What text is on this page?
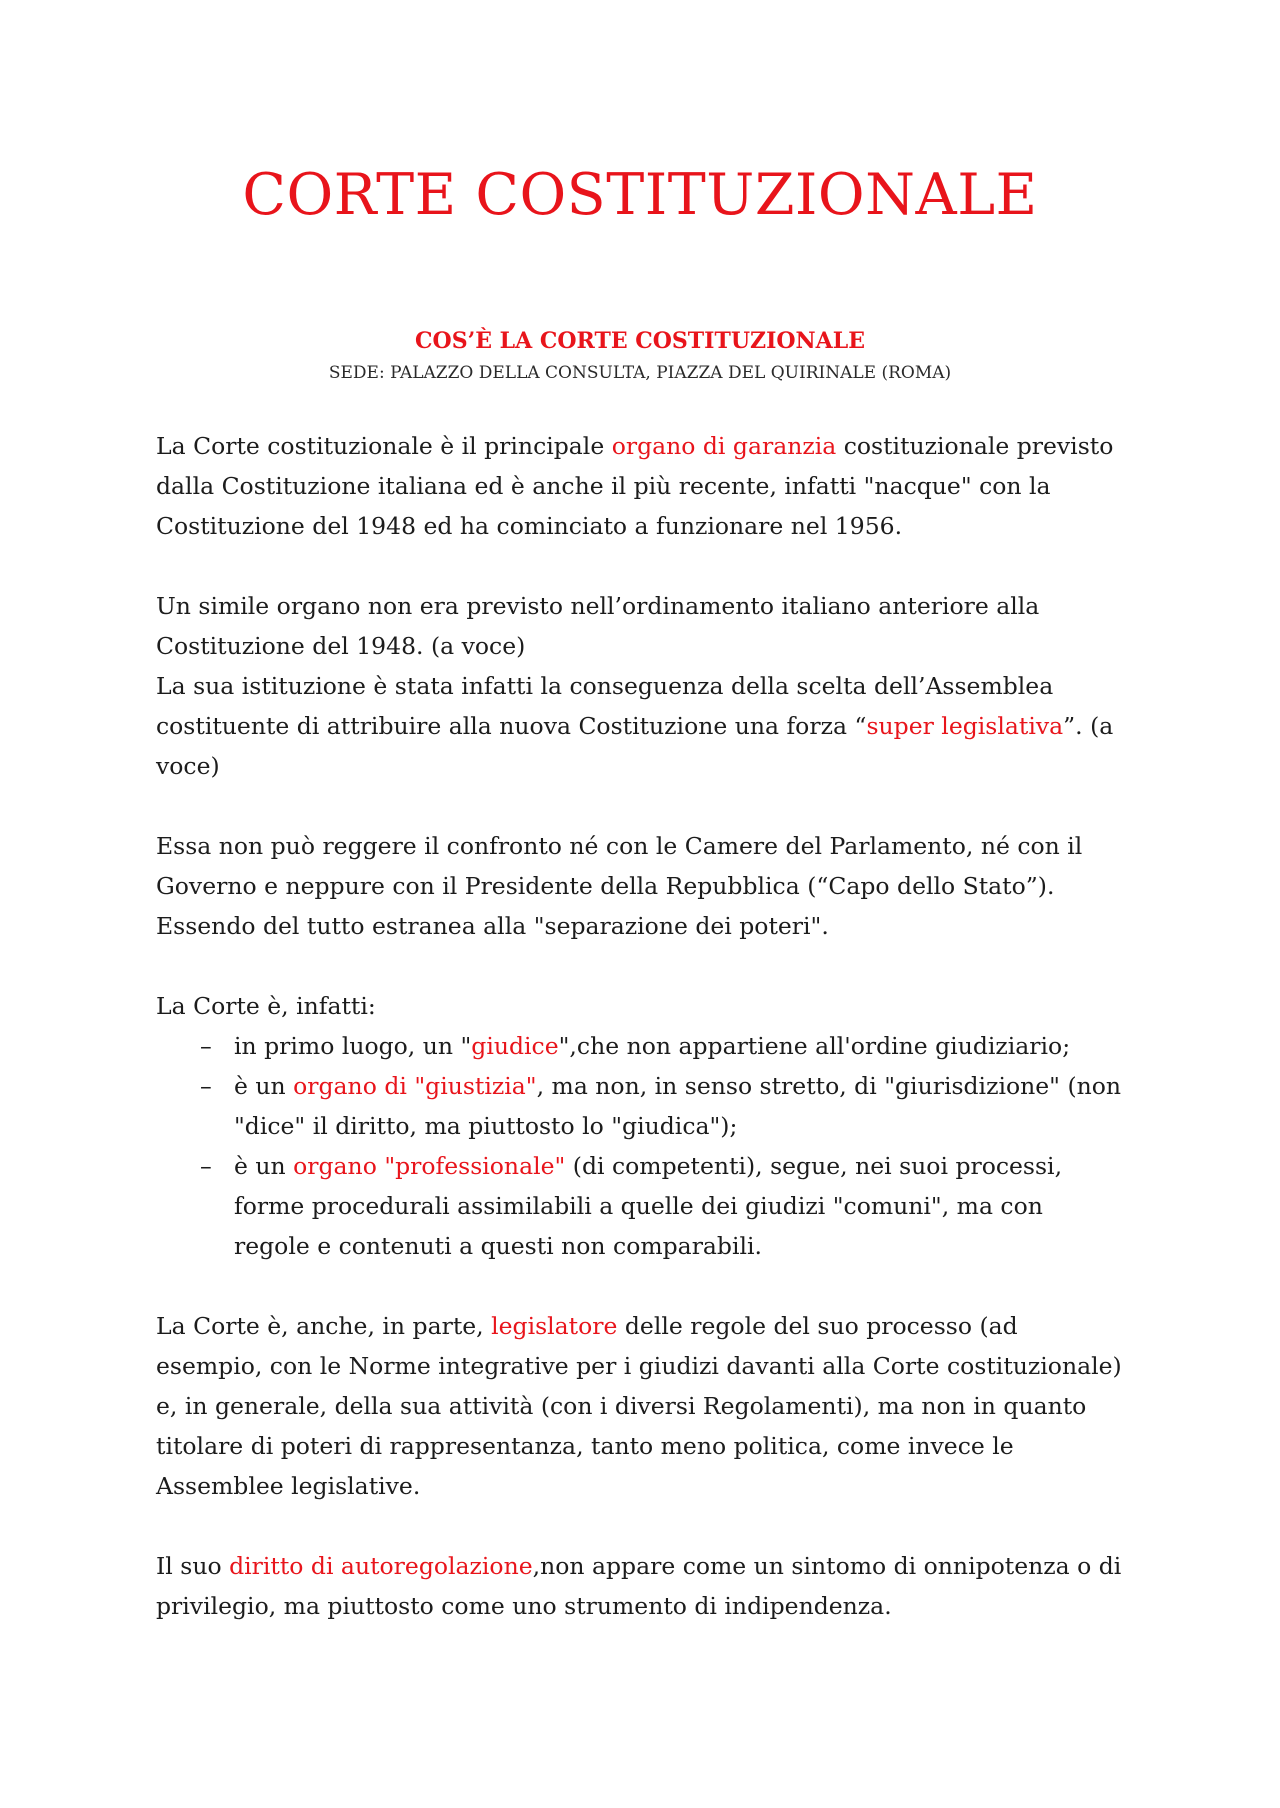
CORTE COSTITUZIONALE
COS’È LA CORTE COSTITUZIONALE

SEDE: PALAZZO DELLA CONSULTA, PIAZZA DEL QUIRINALE (ROMA)

La Corte costituzionale è il principale organo di garanzia costituzionale previsto dalla Costituzione italiana ed è anche il più recente, infatti "nacque" con la Costituzione del 1948 ed ha cominciato a funzionare nel 1956.

Un simile organo non era previsto nell’ordinamento italiano anteriore alla Costituzione del 1948. (a voce)

La sua istituzione è stata infatti la conseguenza della scelta dell’Assemblea costituente di attribuire alla nuova Costituzione una forza “super legislativa”. (a voce)

Essa non può reggere il confronto né con le Camere del Parlamento, né con il Governo e neppure con il Presidente della Repubblica (“Capo dello Stato”). Essendo del tutto estranea alla "separazione dei poteri".

La Corte è, infatti:

– in primo luogo, un "giudice",che non appartiene all'ordine giudiziario;
– è un organo di "giustizia", ma non, in senso stretto, di "giurisdizione" (non "dice" il diritto, ma piuttosto lo "giudica");
– è un organo "professionale" (di competenti), segue, nei suoi processi, forme procedurali assimilabili a quelle dei giudizi "comuni", ma con regole e contenuti a questi non comparabili.

La Corte è, anche, in parte, legislatore delle regole del suo processo (ad esempio, con le Norme integrative per i giudizi davanti alla Corte costituzionale) e, in generale, della sua attività (con i diversi Regolamenti), ma non in quanto titolare di poteri di rappresentanza, tanto meno politica, come invece le Assemblee legislative.

Il suo diritto di autoregolazione,non appare come un sintomo di onnipotenza o di privilegio, ma piuttosto come uno strumento di indipendenza.
